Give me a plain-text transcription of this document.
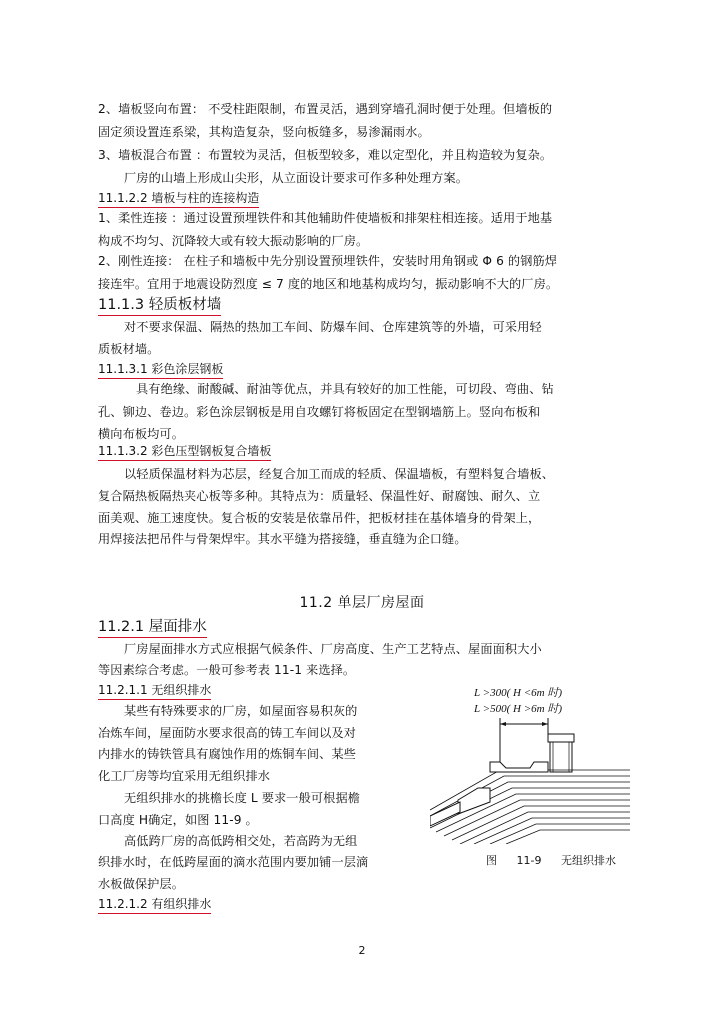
2、墙板竖向布置： 不受柱距限制，布置灵活，遇到穿墙孔洞时便于处理。但墙板的
固定须设置连系梁，其构造复杂，竖向板缝多，易渗漏雨水。
3、墙板混合布置 ：布置较为灵活，但板型较多，难以定型化，并且构造较为复杂。
厂房的山墙上形成山尖形，从立面设计要求可作多种处理方案。
11.1.2.2 墙板与柱的连接构造
1、柔性连接 ：通过设置预埋铁件和其他辅助件使墙板和排架柱相连接。适用于地基
构成不均匀、沉降较大或有较大振动影响的厂房。
2、刚性连接： 在柱子和墙板中先分别设置预埋铁件，安装时用角钢或 Φ 6 的钢筋焊
接连牢。宜用于地震设防烈度 ≤ 7 度的地区和地基构成均匀，振动影响不大的厂房。
11.1.3 轻质板材墙
对不要求保温、隔热的热加工车间、防爆车间、仓库建筑等的外墙，可采用轻
质板材墙。
11.1.3.1 彩色涂层钢板
具有绝缘、耐酸碱、耐油等优点，并具有较好的加工性能，可切段、弯曲、钻
孔、铆边、卷边。彩色涂层钢板是用自攻螺钉将板固定在型钢墙筋上。竖向布板和
横向布板均可。
11.1.3.2 彩色压型钢板复合墙板
以轻质保温材料为芯层，经复合加工而成的轻质、保温墙板，有塑料复合墙板、
复合隔热板隔热夹心板等多种。其特点为：质量轻、保温性好、耐腐蚀、耐久、立
面美观、施工速度快。复合板的安装是依靠吊件，把板材挂在基体墙身的骨架上，
用焊接法把吊件与骨架焊牢。其水平缝为搭接缝，垂直缝为企口缝。
11.2 单层厂房屋面
11.2.1 屋面排水
厂房屋面排水方式应根据气候条件、厂房高度、生产工艺特点、屋面面积大小
等因素综合考虑。一般可参考表 11-1 来选择。
11.2.1.1 无组织排水
某些有特殊要求的厂房，如屋面容易积灰的
冶炼车间，屋面防水要求很高的铸工车间以及对
内排水的铸铁管具有腐蚀作用的炼铜车间、某些
化工厂房等均宜采用无组织排水
无组织排水的挑檐长度 L 要求一般可根据檐
口高度 H确定，如图 11-9 。
高低跨厂房的高低跨相交处，若高跨为无组
织排水时，在低跨屋面的滴水范围内要加铺一层滴
水板做保护层。
11.2.1.2 有组织排水
L >300( H <6m 时)
L >500( H >6m 时)
图 11-9 无组织排水
2
